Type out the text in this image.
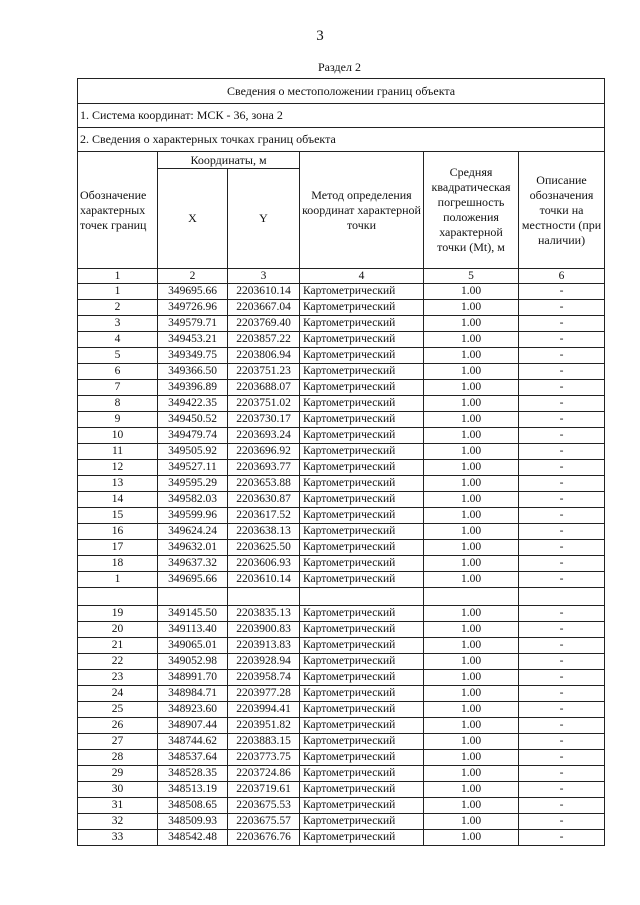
3
Раздел 2
Сведения о местоположении границ объекта					
1. Система координат: МСК - 36, зона 2					
2. Сведения о характерных точках границ объекта					
Обозначение характерных точек границ	Координаты, м		Метод определения координат характерной точки	Средняя квадратическая погрешность положения характерной точки (Mt), м	Описание обозначения точки на местности (при наличии)
	X	Y			
1	2	3	4	5	6
1	349695.66	2203610.14	Картометрический	1.00	-
2	349726.96	2203667.04	Картометрический	1.00	-
3	349579.71	2203769.40	Картометрический	1.00	-
4	349453.21	2203857.22	Картометрический	1.00	-
5	349349.75	2203806.94	Картометрический	1.00	-
6	349366.50	2203751.23	Картометрический	1.00	-
7	349396.89	2203688.07	Картометрический	1.00	-
8	349422.35	2203751.02	Картометрический	1.00	-
9	349450.52	2203730.17	Картометрический	1.00	-
10	349479.74	2203693.24	Картометрический	1.00	-
11	349505.92	2203696.92	Картометрический	1.00	-
12	349527.11	2203693.77	Картометрический	1.00	-
13	349595.29	2203653.88	Картометрический	1.00	-
14	349582.03	2203630.87	Картометрический	1.00	-
15	349599.96	2203617.52	Картометрический	1.00	-
16	349624.24	2203638.13	Картометрический	1.00	-
17	349632.01	2203625.50	Картометрический	1.00	-
18	349637.32	2203606.93	Картометрический	1.00	-
1	349695.66	2203610.14	Картометрический	1.00	-

19	349145.50	2203835.13	Картометрический	1.00	-
20	349113.40	2203900.83	Картометрический	1.00	-
21	349065.01	2203913.83	Картометрический	1.00	-
22	349052.98	2203928.94	Картометрический	1.00	-
23	348991.70	2203958.74	Картометрический	1.00	-
24	348984.71	2203977.28	Картометрический	1.00	-
25	348923.60	2203994.41	Картометрический	1.00	-
26	348907.44	2203951.82	Картометрический	1.00	-
27	348744.62	2203883.15	Картометрический	1.00	-
28	348537.64	2203773.75	Картометрический	1.00	-
29	348528.35	2203724.86	Картометрический	1.00	-
30	348513.19	2203719.61	Картометрический	1.00	-
31	348508.65	2203675.53	Картометрический	1.00	-
32	348509.93	2203675.57	Картометрический	1.00	-
33	348542.48	2203676.76	Картометрический	1.00	-
